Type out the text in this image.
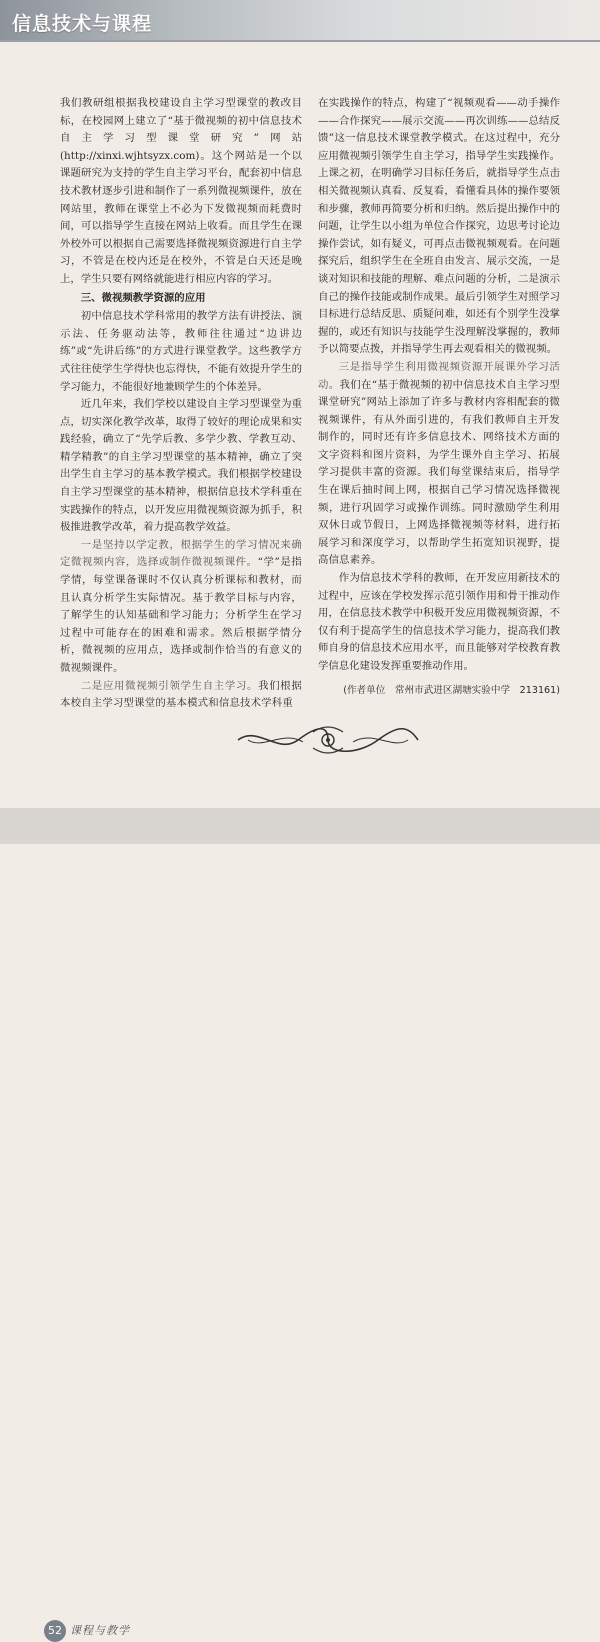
信息技术与课程

我们教研组根据我校建设自主学习型课堂的教改目标，在校园网上建立了“基于微视频的初中信息技术自主学习型课堂研究”网站(http://xinxi.wjhtsyzx.com)。这个网站是一个以课题研究为支持的学生自主学习平台，配套初中信息技术教材逐步引进和制作了一系列微视频课件，放在网站里，教师在课堂上不必为下发微视频而耗费时间，可以指导学生直接在网站上收看。而且学生在课外校外可以根据自己需要选择微视频资源进行自主学习，不管是在校内还是在校外，不管是白天还是晚上，学生只要有网络就能进行相应内容的学习。

三、微视频教学资源的应用

初中信息技术学科常用的教学方法有讲授法、演示法、任务驱动法等，教师往往通过“边讲边练”或“先讲后练”的方式进行课堂教学。这些教学方式往往使学生学得快也忘得快，不能有效提升学生的学习能力，不能很好地兼顾学生的个体差异。

近几年来，我们学校以建设自主学习型课堂为重点，切实深化教学改革，取得了较好的理论成果和实践经验，确立了“先学后教、多学少教、学教互动、精学精教”的自主学习型课堂的基本精神，确立了突出学生自主学习的基本教学模式。我们根据学校建设自主学习型课堂的基本精神，根据信息技术学科重在实践操作的特点，以开发应用微视频资源为抓手，积极推进教学改革，着力提高教学效益。

一是坚持以学定教，根据学生的学习情况来确定微视频内容，选择或制作微视频课件。“学”是指学情，每堂课备课时不仅认真分析课标和教材，而且认真分析学生实际情况。基于教学目标与内容，了解学生的认知基础和学习能力；分析学生在学习过程中可能存在的困难和需求。然后根据学情分析，微视频的应用点，选择或制作恰当的有意义的微视频课件。

二是应用微视频引领学生自主学习。我们根据本校自主学习型课堂的基本模式和信息技术学科重

在实践操作的特点，构建了“视频观看——动手操作——合作探究——展示交流——再次训练——总结反馈”这一信息技术课堂教学模式。在这过程中，充分应用微视频引领学生自主学习，指导学生实践操作。上课之初，在明确学习目标任务后，就指导学生点击相关微视频认真看、反复看，看懂看具体的操作要领和步骤，教师再简要分析和归纳。然后提出操作中的问题，让学生以小组为单位合作探究，边思考讨论边操作尝试，如有疑义，可再点击微视频观看。在问题探究后，组织学生在全班自由发言、展示交流，一是谈对知识和技能的理解、难点问题的分析，二是演示自己的操作技能或制作成果。最后引领学生对照学习目标进行总结反思、质疑问难，如还有个别学生没掌握的，或还有知识与技能学生没理解没掌握的，教师予以简要点拨，并指导学生再去观看相关的微视频。

三是指导学生利用微视频资源开展课外学习活动。我们在“基于微视频的初中信息技术自主学习型课堂研究”网站上添加了许多与教材内容相配套的微视频课件，有从外面引进的，有我们教师自主开发制作的，同时还有许多信息技术、网络技术方面的文字资料和图片资料，为学生课外自主学习、拓展学习提供丰富的资源。我们每堂课结束后，指导学生在课后抽时间上网，根据自己学习情况选择微视频，进行巩固学习或操作训练。同时激励学生利用双休日或节假日，上网选择微视频等材料，进行拓展学习和深度学习，以帮助学生拓宽知识视野，提高信息素养。

作为信息技术学科的教师，在开发应用新技术的过程中，应该在学校发挥示范引领作用和骨干推动作用，在信息技术教学中积极开发应用微视频资源，不仅有利于提高学生的信息技术学习能力，提高我们教师自身的信息技术应用水平，而且能够对学校教育教学信息化建设发挥重要推动作用。

(作者单位　常州市武进区湖塘实验中学　213161)
52 课程与教学
